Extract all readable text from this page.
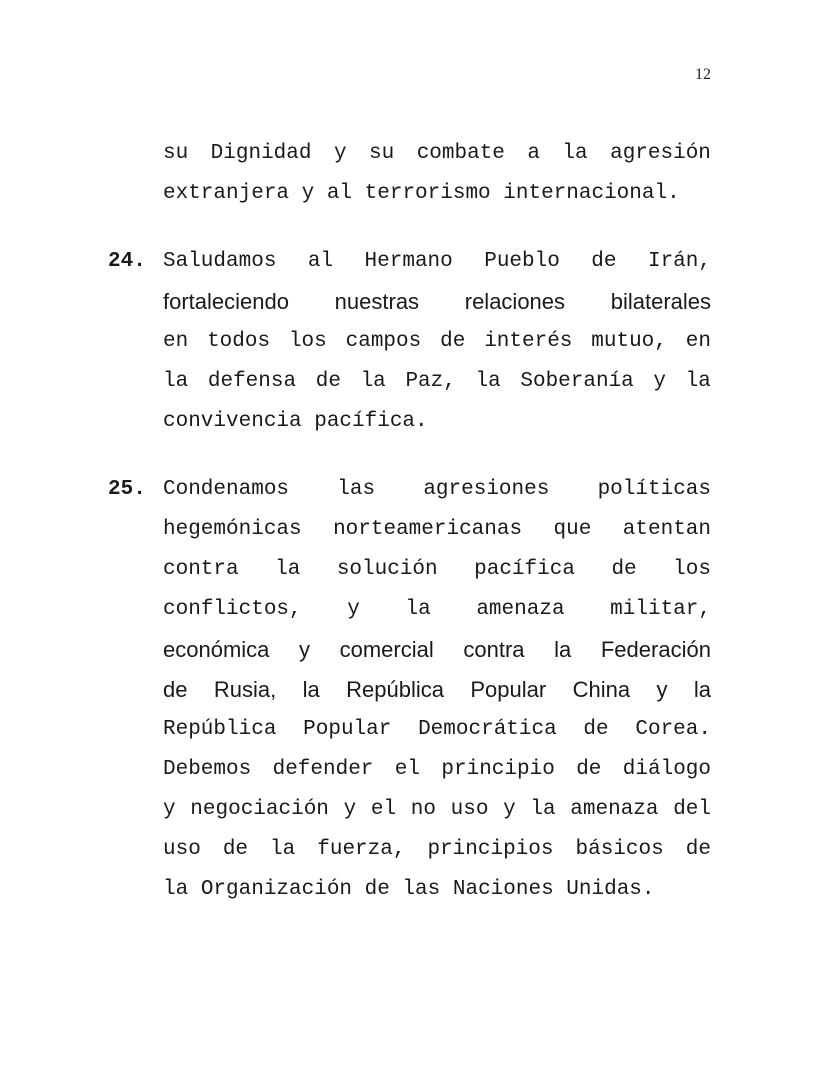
12
su Dignidad y su combate a la agresión
extranjera y al terrorismo internacional.
24. Saludamos al Hermano Pueblo de Irán,
fortaleciendo nuestras relaciones bilaterales
en todos los campos de interés mutuo, en
la defensa de la Paz, la Soberanía y la
convivencia pacífica.
25. Condenamos las agresiones políticas
hegemónicas norteamericanas que atentan
contra la solución pacífica de los
conflictos, y la amenaza militar,
económica y comercial contra la Federación
de Rusia, la República Popular China y la
República Popular Democrática de Corea.
Debemos defender el principio de diálogo
y negociación y el no uso y la amenaza del
uso de la fuerza, principios básicos de
la Organización de las Naciones Unidas.
